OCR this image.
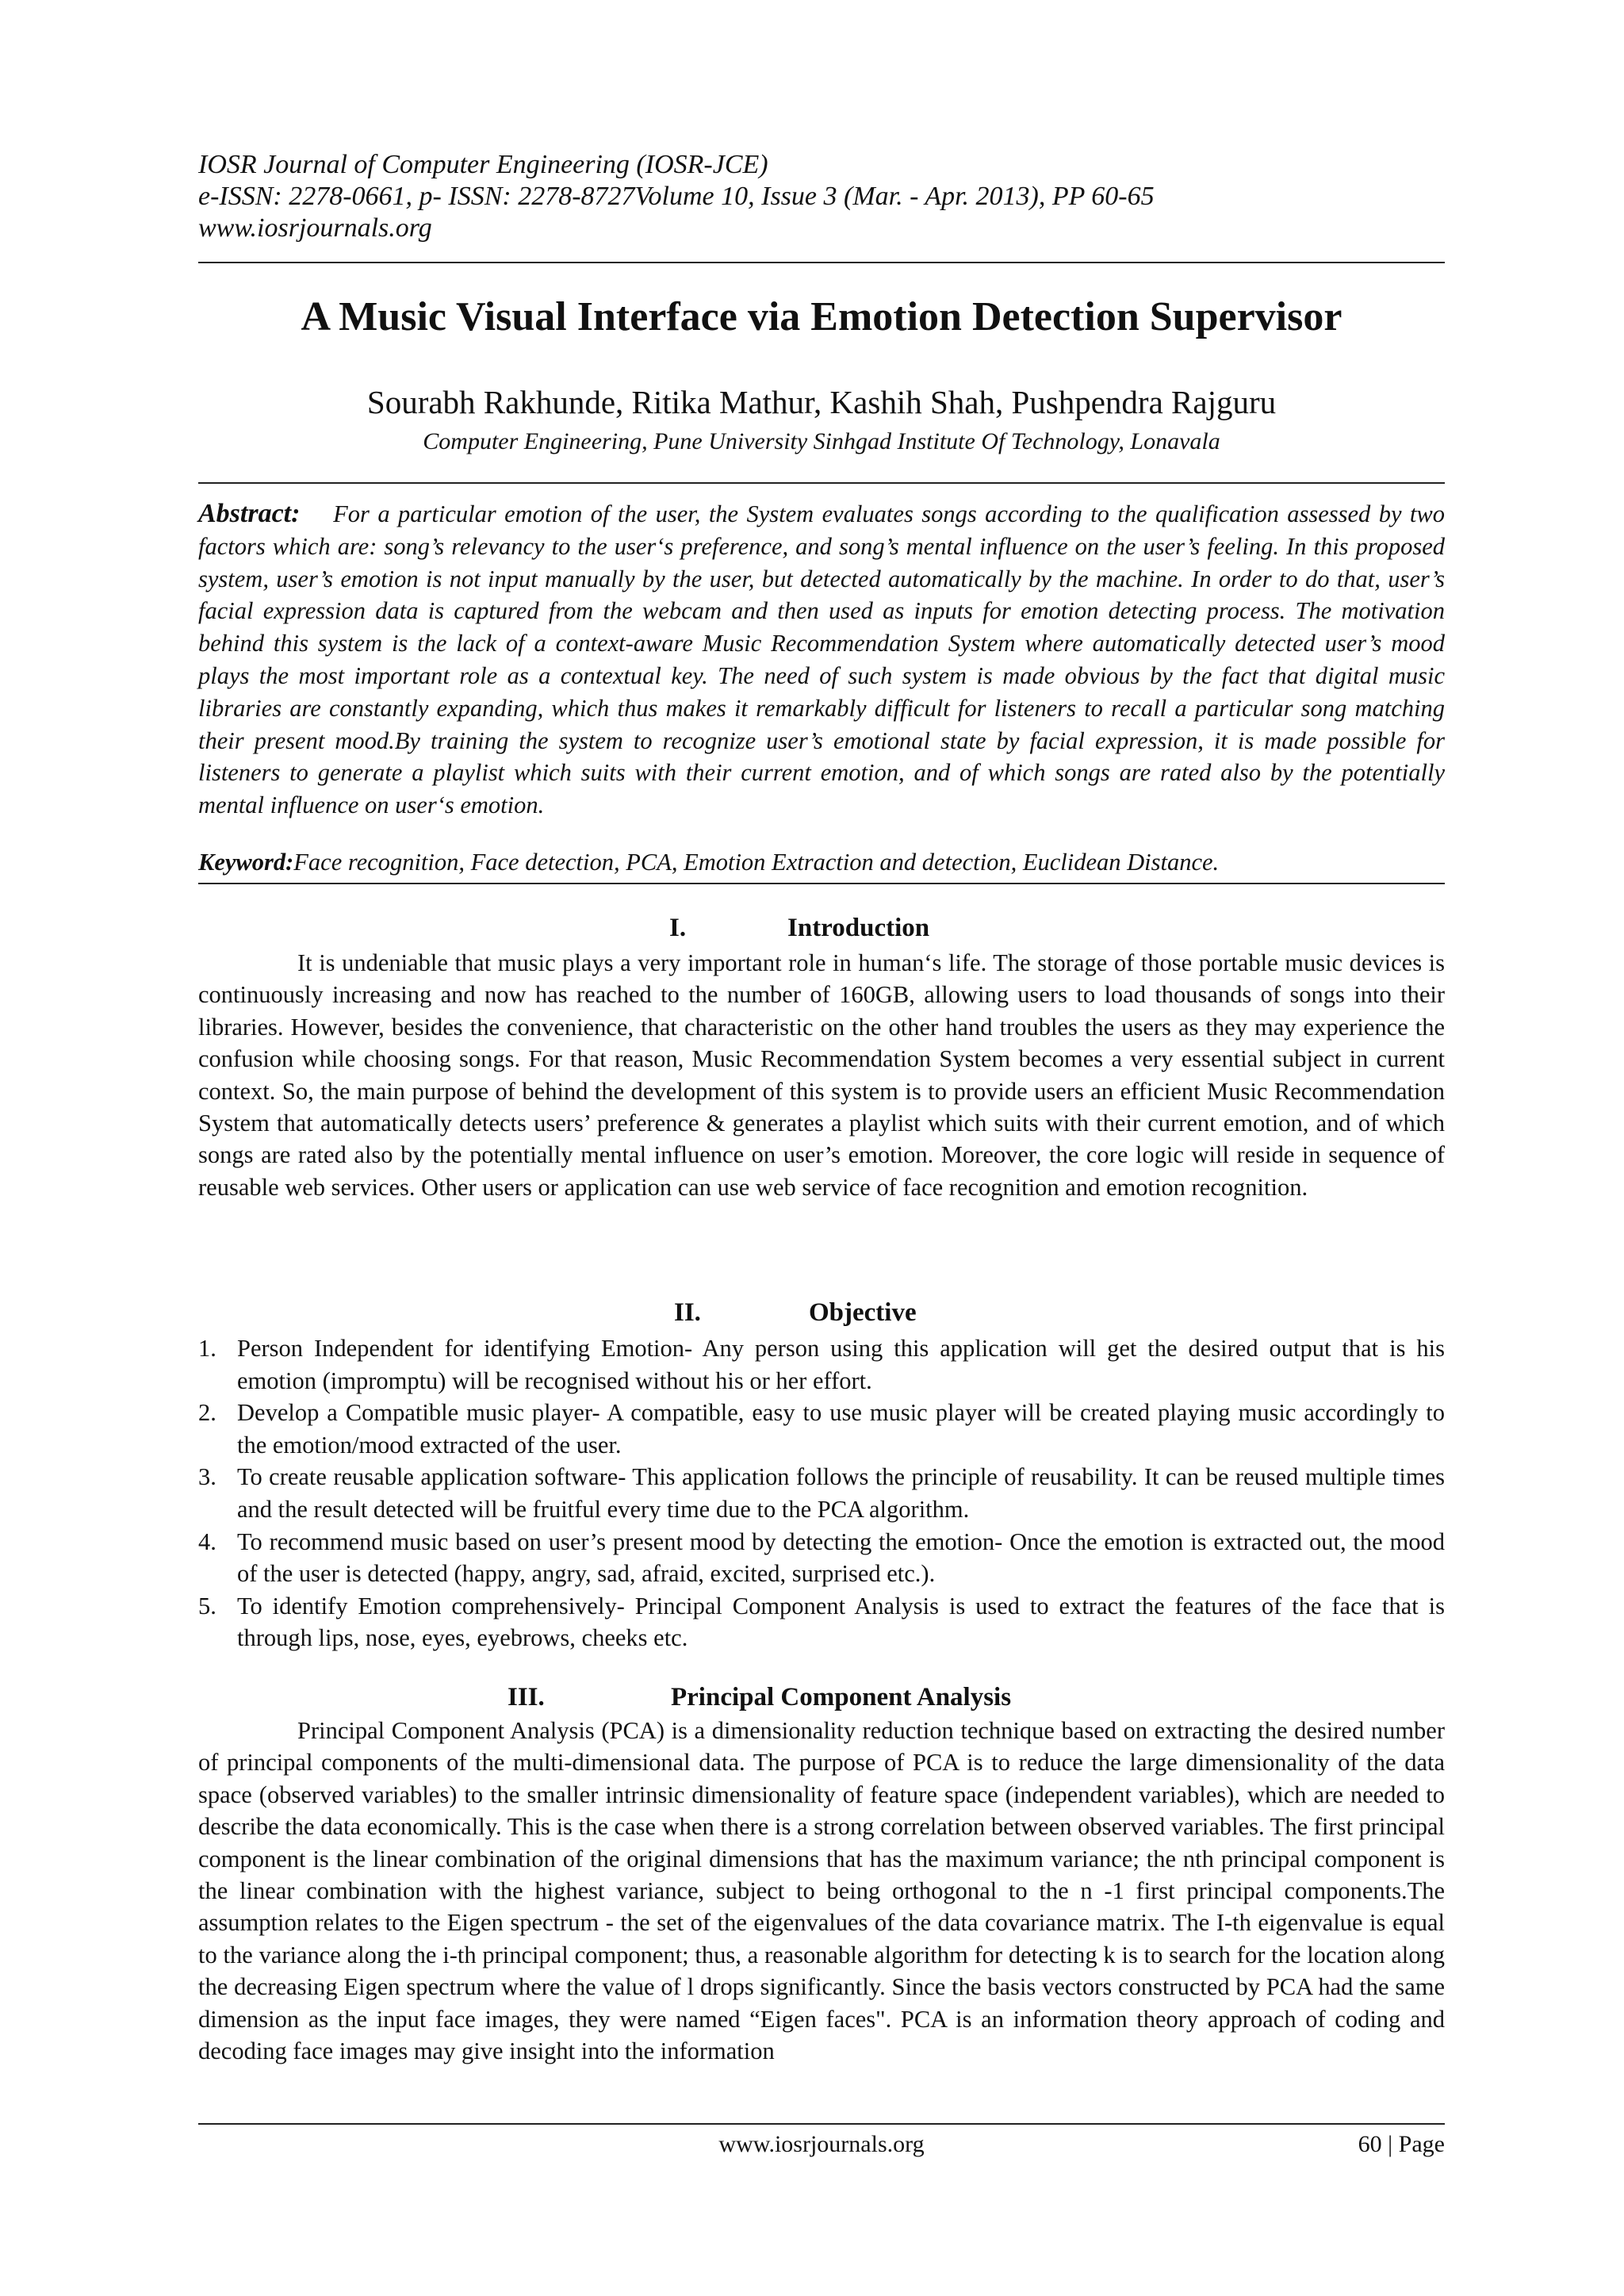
IOSR Journal of Computer Engineering (IOSR-JCE)
e-ISSN: 2278-0661, p- ISSN: 2278-8727Volume 10, Issue 3 (Mar. - Apr. 2013), PP 60-65
www.iosrjournals.org
A Music Visual Interface via Emotion Detection Supervisor
Sourabh Rakhunde, Ritika Mathur, Kashih Shah, Pushpendra Rajguru
Computer Engineering, Pune University Sinhgad Institute Of Technology, Lonavala
Abstract: For a particular emotion of the user, the System evaluates songs according to the qualification assessed by two factors which are: song’s relevancy to the user‘s preference, and song’s mental influence on the user’s feeling. In this proposed system, user’s emotion is not input manually by the user, but detected automatically by the machine. In order to do that, user’s facial expression data is captured from the webcam and then used as inputs for emotion detecting process. The motivation behind this system is the lack of a context-aware Music Recommendation System where automatically detected user’s mood plays the most important role as a contextual key. The need of such system is made obvious by the fact that digital music libraries are constantly expanding, which thus makes it remarkably difficult for listeners to recall a particular song matching their present mood.By training the system to recognize user’s emotional state by facial expression, it is made possible for listeners to generate a playlist which suits with their current emotion, and of which songs are rated also by the potentially mental influence on user‘s emotion.
Keyword:Face recognition, Face detection, PCA, Emotion Extraction and detection, Euclidean Distance.
I.	Introduction
It is undeniable that music plays a very important role in human‘s life. The storage of those portable music devices is continuously increasing and now has reached to the number of 160GB, allowing users to load thousands of songs into their libraries. However, besides the convenience, that characteristic on the other hand troubles the users as they may experience the confusion while choosing songs. For that reason, Music Recommendation System becomes a very essential subject in current context. So, the main purpose of behind the development of this system is to provide users an efficient Music Recommendation System that automatically detects users’ preference & generates a playlist which suits with their current emotion, and of which songs are rated also by the potentially mental influence on user’s emotion. Moreover, the core logic will reside in sequence of reusable web services. Other users or application can use web service of face recognition and emotion recognition.
II.	Objective
1. Person Independent for identifying Emotion- Any person using this application will get the desired output that is his emotion (impromptu) will be recognised without his or her effort.
2. Develop a Compatible music player- A compatible, easy to use music player will be created playing music accordingly to the emotion/mood extracted of the user.
3. To create reusable application software- This application follows the principle of reusability. It can be reused multiple times and the result detected will be fruitful every time due to the PCA algorithm.
4. To recommend music based on user’s present mood by detecting the emotion- Once the emotion is extracted out, the mood of the user is detected (happy, angry, sad, afraid, excited, surprised etc.).
5. To identify Emotion comprehensively- Principal Component Analysis is used to extract the features of the face that is through lips, nose, eyes, eyebrows, cheeks etc.
III.	Principal Component Analysis
Principal Component Analysis (PCA) is a dimensionality reduction technique based on extracting the desired number of principal components of the multi-dimensional data. The purpose of PCA is to reduce the large dimensionality of the data space (observed variables) to the smaller intrinsic dimensionality of feature space (independent variables), which are needed to describe the data economically. This is the case when there is a strong correlation between observed variables. The first principal component is the linear combination of the original dimensions that has the maximum variance; the nth principal component is the linear combination with the highest variance, subject to being orthogonal to the n -1 first principal components.The assumption relates to the Eigen spectrum - the set of the eigenvalues of the data covariance matrix. The I-th eigenvalue is equal to the variance along the i-th principal component; thus, a reasonable algorithm for detecting k is to search for the location along the decreasing Eigen spectrum where the value of l drops significantly. Since the basis vectors constructed by PCA had the same dimension as the input face images, they were named “Eigen faces". PCA is an information theory approach of coding and decoding face images may give insight into the information
www.iosrjournals.org	60 | Page
